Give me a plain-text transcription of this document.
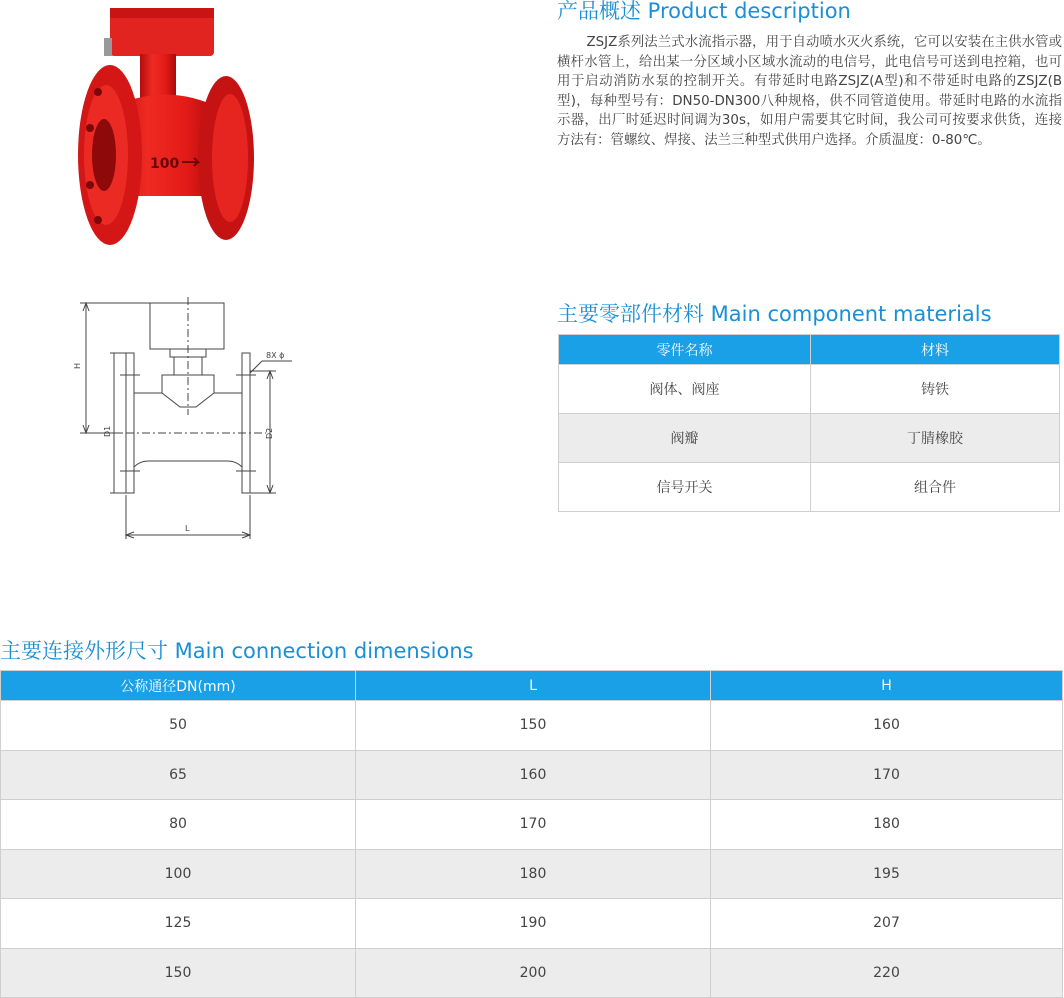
100
产品概述 Product description
ZSJZ系列法兰式水流指示器，用于自动喷水灭火系统，它可以安装在主供水管或横杆水管上，给出某一分区域小区域水流动的电信号，此电信号可送到电控箱，也可用于启动消防水泵的控制开关。有带延时电路ZSJZ(A型)和不带延时电路的ZSJZ(B型)，每种型号有：DN50-DN300八种规格，供不同管道使用。带延时电路的水流指示器，出厂时延迟时间调为30s，如用户需要其它时间，我公司可按要求供货，连接方法有：管螺纹、焊接、法兰三种型式供用户选择。介质温度：0-80℃。
H
D1	D2
L
8X ϕ
主要零部件材料 Main component materials
零件名称	材料
阀体、阀座	铸铁
阀瓣	丁腈橡胶
信号开关	组合件
主要连接外形尺寸 Main connection dimensions
公称通径DN(mm)	L	H
50	150	160
65	160	170
80	170	180
100	180	195
125	190	207
150	200	220
